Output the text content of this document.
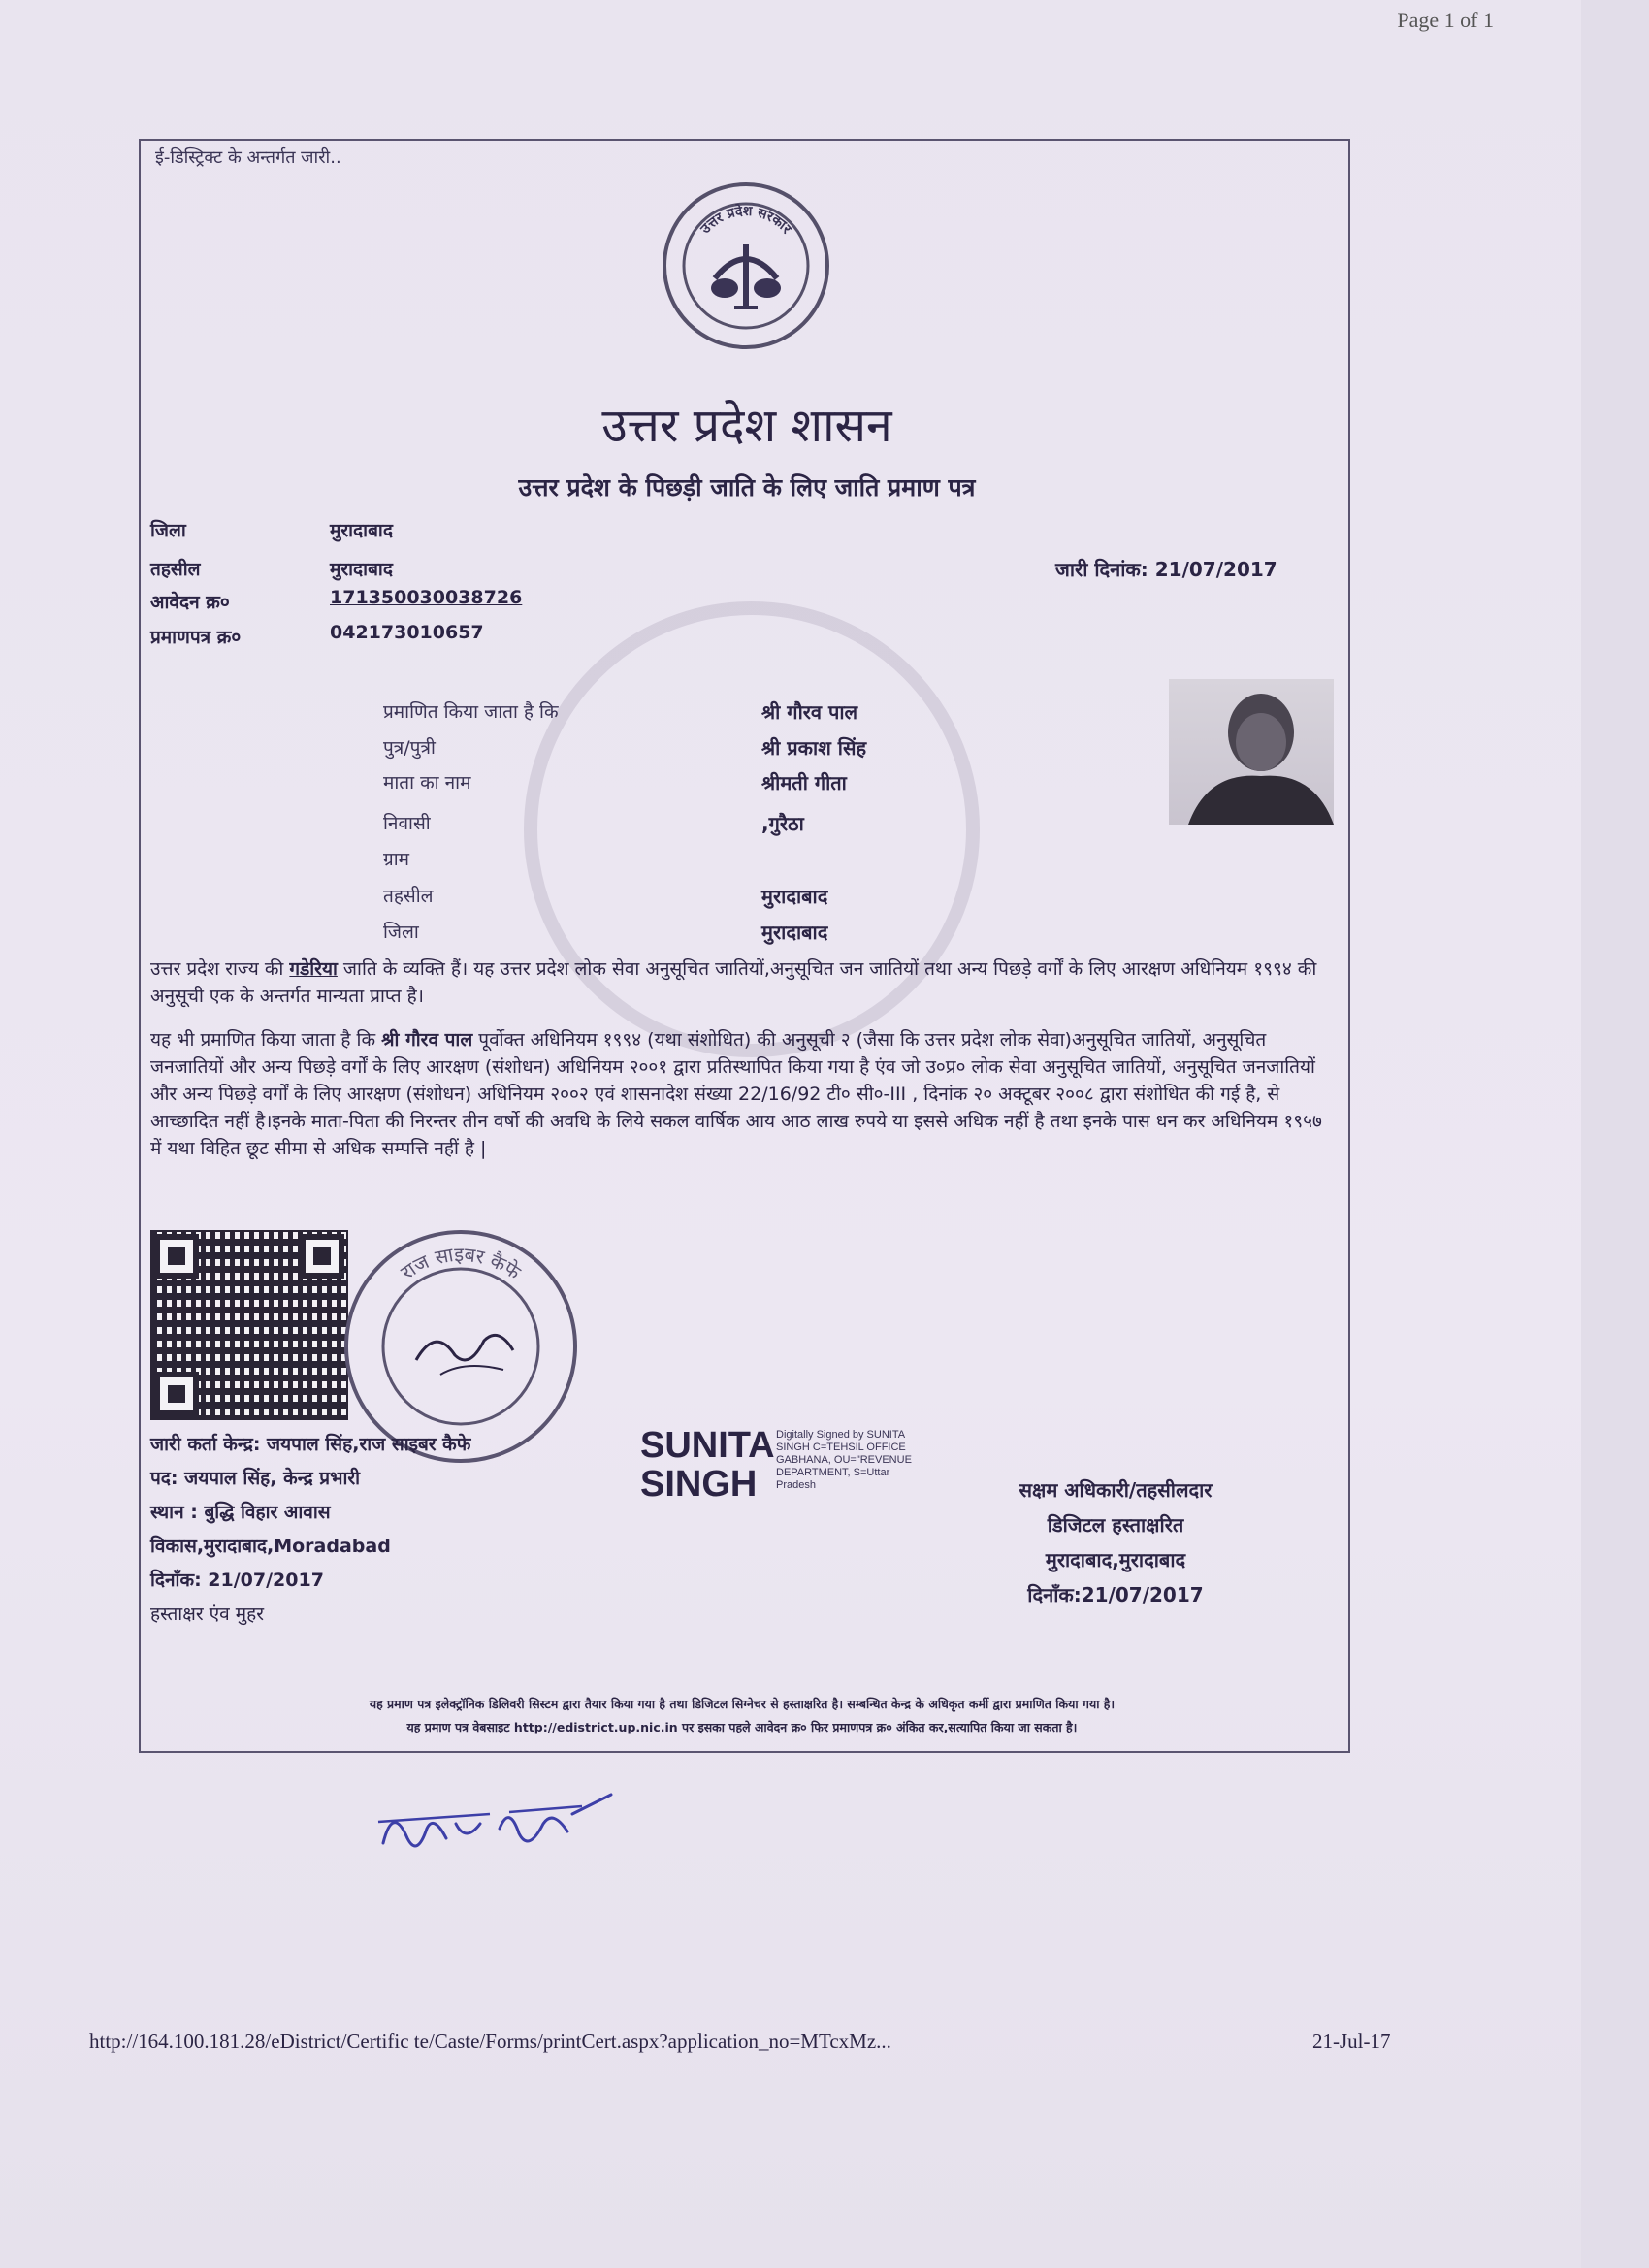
Page 1 of 1
ई-डिस्ट्रिक्ट के अन्तर्गत जारी..
उत्तर प्रदेश सरकार
उत्तर प्रदेश शासन
उत्तर प्रदेश के पिछड़ी जाति के लिए जाति प्रमाण पत्र
जिला	मुरादाबाद
तहसील	मुरादाबाद
आवेदन क्र०	171350030038726
प्रमाणपत्र क्र०	042173010657
जारी दिनांक: 21/07/2017
प्रमाणित किया जाता है कि	श्री गौरव पाल
पुत्र/पुत्री	श्री प्रकाश सिंह
माता का नाम	श्रीमती गीता
निवासी	,गुरैठा
ग्राम
तहसील	मुरादाबाद
जिला	मुरादाबाद
उत्तर प्रदेश राज्य की गडेरिया जाति के व्यक्ति हैं। यह उत्तर प्रदेश लोक सेवा अनुसूचित जातियों,अनुसूचित जन जातियों तथा अन्य पिछड़े वर्गों के लिए आरक्षण अधिनियम १९९४ की अनुसूची एक के अन्तर्गत मान्यता प्राप्त है।
यह भी प्रमाणित किया जाता है कि श्री गौरव पाल पूर्वोक्त अधिनियम १९९४ (यथा संशोधित) की अनुसूची २ (जैसा कि उत्तर प्रदेश लोक सेवा)अनुसूचित जातियों, अनुसूचित जनजातियों और अन्य पिछड़े वर्गों के लिए आरक्षण (संशोधन) अधिनियम २००१ द्वारा प्रतिस्थापित किया गया है एंव जो उ०प्र० लोक सेवा अनुसूचित जातियों, अनुसूचित जनजातियों और अन्य पिछड़े वर्गों के लिए आरक्षण (संशोधन) अधिनियम २००२ एवं शासनादेश संख्या 22/16/92 टी० सी०-III , दिनांक २० अक्टूबर २००८ द्वारा संशोधित की गई है, से आच्छादित नहीं है।इनके माता-पिता की निरन्तर तीन वर्षो की अवधि के लिये सकल वार्षिक आय आठ लाख रुपये या इससे अधिक नहीं है तथा इनके पास धन कर अधिनियम १९५७ में यथा विहित छूट सीमा से अधिक सम्पत्ति नहीं है |
राज साइबर कैफे
जारी कर्ता केन्द्र: जयपाल सिंह,राज साइबर कैफे
पद: जयपाल सिंह, केन्द्र प्रभारी
स्थान : बुद्धि विहार आवास
विकास,मुरादाबाद,Moradabad
दिनाँक: 21/07/2017
हस्ताक्षर एंव मुहर
SUNITA
SINGH
Digitally Signed by SUNITA SINGH C=TEHSIL OFFICE GABHANA, OU="REVENUE DEPARTMENT, S=Uttar Pradesh	सक्षम अधिकारी/तहसीलदार
डिजिटल हस्ताक्षरित
मुरादाबाद,मुरादाबाद
दिनाँक:21/07/2017
यह प्रमाण पत्र इलेक्ट्रॉनिक डिलिवरी सिस्टम द्वारा तैयार किया गया है तथा डिजिटल सिग्नेचर से हस्ताक्षरित है। सम्बन्धित केन्द्र के अधिकृत कर्मी द्वारा प्रमाणित किया गया है।
यह प्रमाण पत्र वेबसाइट http://edistrict.up.nic.in पर इसका पहले आवेदन क्र० फिर प्रमाणपत्र क्र० अंकित कर,सत्यापित किया जा सकता है।
http://164.100.181.28/eDistrict/Certific te/Caste/Forms/printCert.aspx?application_no=MTcxMz...	21-Jul-17
